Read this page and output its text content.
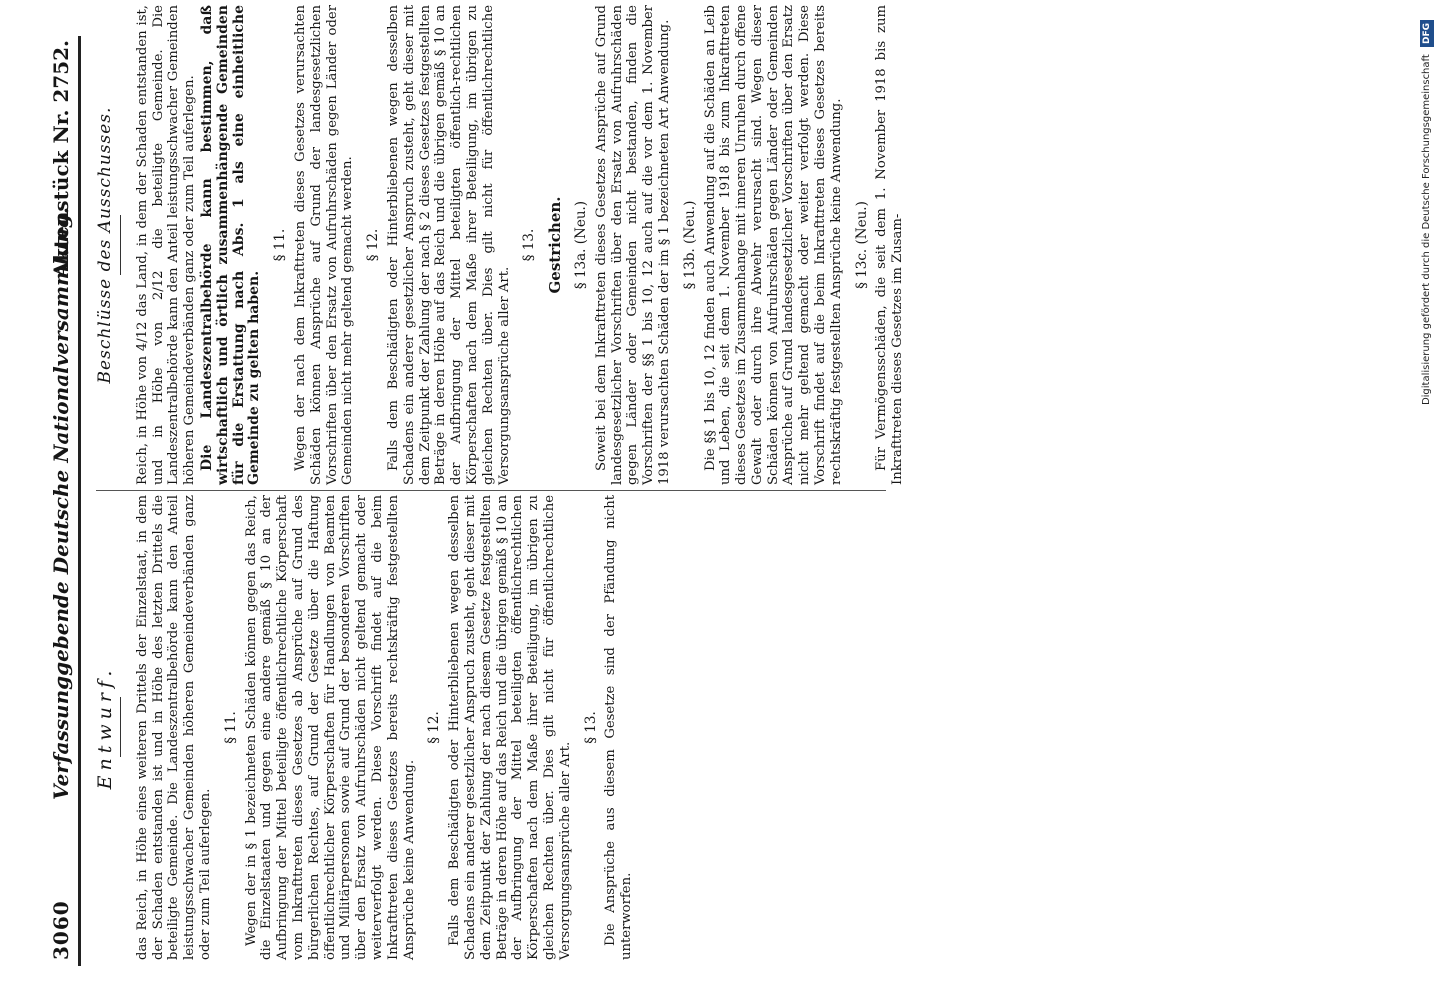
3060
Verfassunggebende Deutsche Nationalversammlung.
Aktenstück Nr. 2752.
Entwurf. das Reich, in Höhe eines weiteren Drittels der Einzelstaat, in dem der Schaden entstanden ist und in Höhe des letzten Drittels die beteiligte Gemeinde. Die Landeszentralbehörde kann den Anteil leistungsschwacher Gemeinden höheren Gemeindeverbänden ganz oder zum Teil auferlegen.

§ 11. Wegen der in § 1 bezeichneten Schäden können gegen das Reich, die Einzelstaaten und gegen eine andere gemäß § 10 an der Aufbringung der Mittel beteiligte öffentlichrechtliche Körperschaft vom Inkrafttreten dieses Gesetzes ab Ansprüche auf Grund des bürgerlichen Rechtes, auf Grund der Gesetze über die Haftung öffentlichrechtlicher Körperschaften für Handlungen von Beamten und Militärpersonen sowie auf Grund der besonderen Vorschriften über den Ersatz von Aufruhrschäden nicht geltend gemacht oder weiterverfolgt werden. Diese Vorschrift findet auf die beim Inkrafttreten dieses Gesetzes bereits rechtskräftig festgestellten Ansprüche keine Anwendung.

§ 12. Falls dem Beschädigten oder Hinterbliebenen wegen desselben Schadens ein anderer gesetzlicher Anspruch zusteht, geht dieser mit dem Zeitpunkt der Zahlung der nach diesem Gesetze festgestellten Beträge in deren Höhe auf das Reich und die übrigen gemäß § 10 an der Aufbringung der Mittel beteiligten öffentlichrechtlichen Körperschaften nach dem Maße ihrer Beteiligung, im übrigen zu gleichen Rechten über. Dies gilt nicht für öffentlichrechtliche Versorgungsansprüche aller Art.

§ 13. Die Ansprüche aus diesem Gesetze sind der Pfändung nicht unterworfen.

Beschlüsse des Ausschusses. Reich, in Höhe von 4/12 das Land, in dem der Schaden entstanden ist, und in Höhe von 2/12 die beteiligte Gemeinde. Die Landeszentralbehörde kann den Anteil leistungsschwacher Gemeinden höheren Gemeindeverbänden ganz oder zum Teil auferlegen. Die Landeszentralbehörde kann bestimmen, daß wirtschaftlich und örtlich zusammenhängende Gemeinden für die Erstattung nach Abs. 1 als eine einheitliche Gemeinde zu gelten haben.

§ 11. Wegen der nach dem Inkrafttreten dieses Gesetzes verursachten Schäden können Ansprüche auf Grund der landesgesetzlichen Vorschriften über den Ersatz von Aufruhrschäden gegen Länder oder Gemeinden nicht mehr geltend gemacht werden. § 12. Falls dem Beschädigten oder Hinterbliebenen wegen desselben Schadens ein anderer gesetzlicher Anspruch zusteht, geht dieser mit dem Zeitpunkt der Zahlung der nach § 2 dieses Gesetzes festgestellten Beträge in deren Höhe auf das Reich und die übrigen gemäß § 10 an der Aufbringung der Mittel beteiligten öffentlich-rechtlichen Körperschaften nach dem Maße ihrer Beteiligung, im übrigen zu gleichen Rechten über. Dies gilt nicht für öffentlichrechtliche Versorgungsansprüche aller Art.

§ 13. Gestrichen. § 13a. (Neu.) Soweit bei dem Inkrafttreten dieses Gesetzes Ansprüche auf Grund landesgesetzlicher Vorschriften über den Ersatz von Aufruhrschäden gegen Länder oder Gemeinden nicht bestanden, finden die Vorschriften der §§ 1 bis 10, 12 auch auf die vor dem 1. November 1918 verursachten Schäden der im § 1 bezeichneten Art Anwendung. § 13b. (Neu.) Die §§ 1 bis 10, 12 finden auch Anwendung auf die Schäden an Leib und Leben, die seit dem 1. November 1918 bis zum Inkrafttreten dieses Gesetzes im Zusammenhange mit inneren Unruhen durch offene Gewalt oder durch ihre Abwehr verursacht sind. Wegen dieser Schäden können von Aufruhrschäden gegen Länder oder Gemeinden Ansprüche auf Grund landesgesetzlicher Vorschriften über den Ersatz nicht mehr geltend gemacht oder weiter verfolgt werden. Diese Vorschrift findet auf die beim Inkrafttreten dieses Gesetzes bereits rechtskräftig festgestellten Ansprüche keine Anwendung. § 13c. (Neu.) Für Vermögensschäden, die seit dem 1. November 1918 bis zum Inkrafttreten dieses Gesetzes im Zusam-	Digitalisierung gefördert durch die Deutsche Forschungsgemeinschaft DFG
